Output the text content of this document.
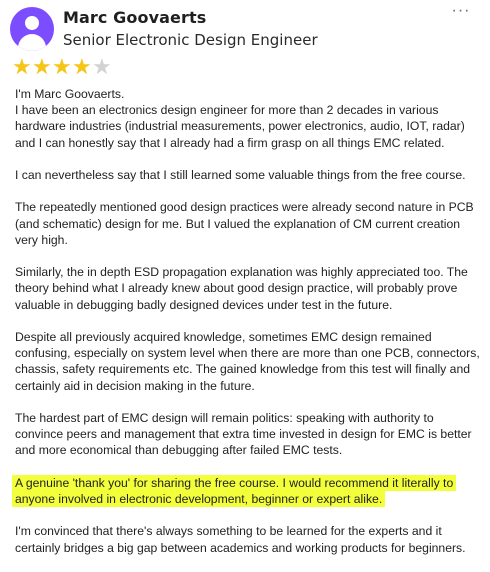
Marc Goovaerts
Senior Electronic Design Engineer
···
★ ★ ★ ★ ★

I'm Marc Goovaerts.
I have been an electronics design engineer for more than 2 decades in various hardware industries (industrial measurements, power electronics, audio, IOT, radar) and I can honestly say that I already had a firm grasp on all things EMC related.

I can nevertheless say that I still learned some valuable things from the free course.

The repeatedly mentioned good design practices were already second nature in PCB (and schematic) design for me. But I valued the explanation of CM current creation very high.

Similarly, the in depth ESD propagation explanation was highly appreciated too. The theory behind what I already knew about good design practice, will probably prove valuable in debugging badly designed devices under test in the future.

Despite all previously acquired knowledge, sometimes EMC design remained confusing, especially on system level when there are more than one PCB, connectors, chassis, safety requirements etc. The gained knowledge from this test will finally and certainly aid in decision making in the future.

The hardest part of EMC design will remain politics: speaking with authority to convince peers and management that extra time invested in design for EMC is better and more economical than debugging after failed EMC tests.

A genuine 'thank you' for sharing the free course. I would recommend it literally to anyone involved in electronic development, beginner or expert alike.

I'm convinced that there's always something to be learned for the experts and it certainly bridges a big gap between academics and working products for beginners.
